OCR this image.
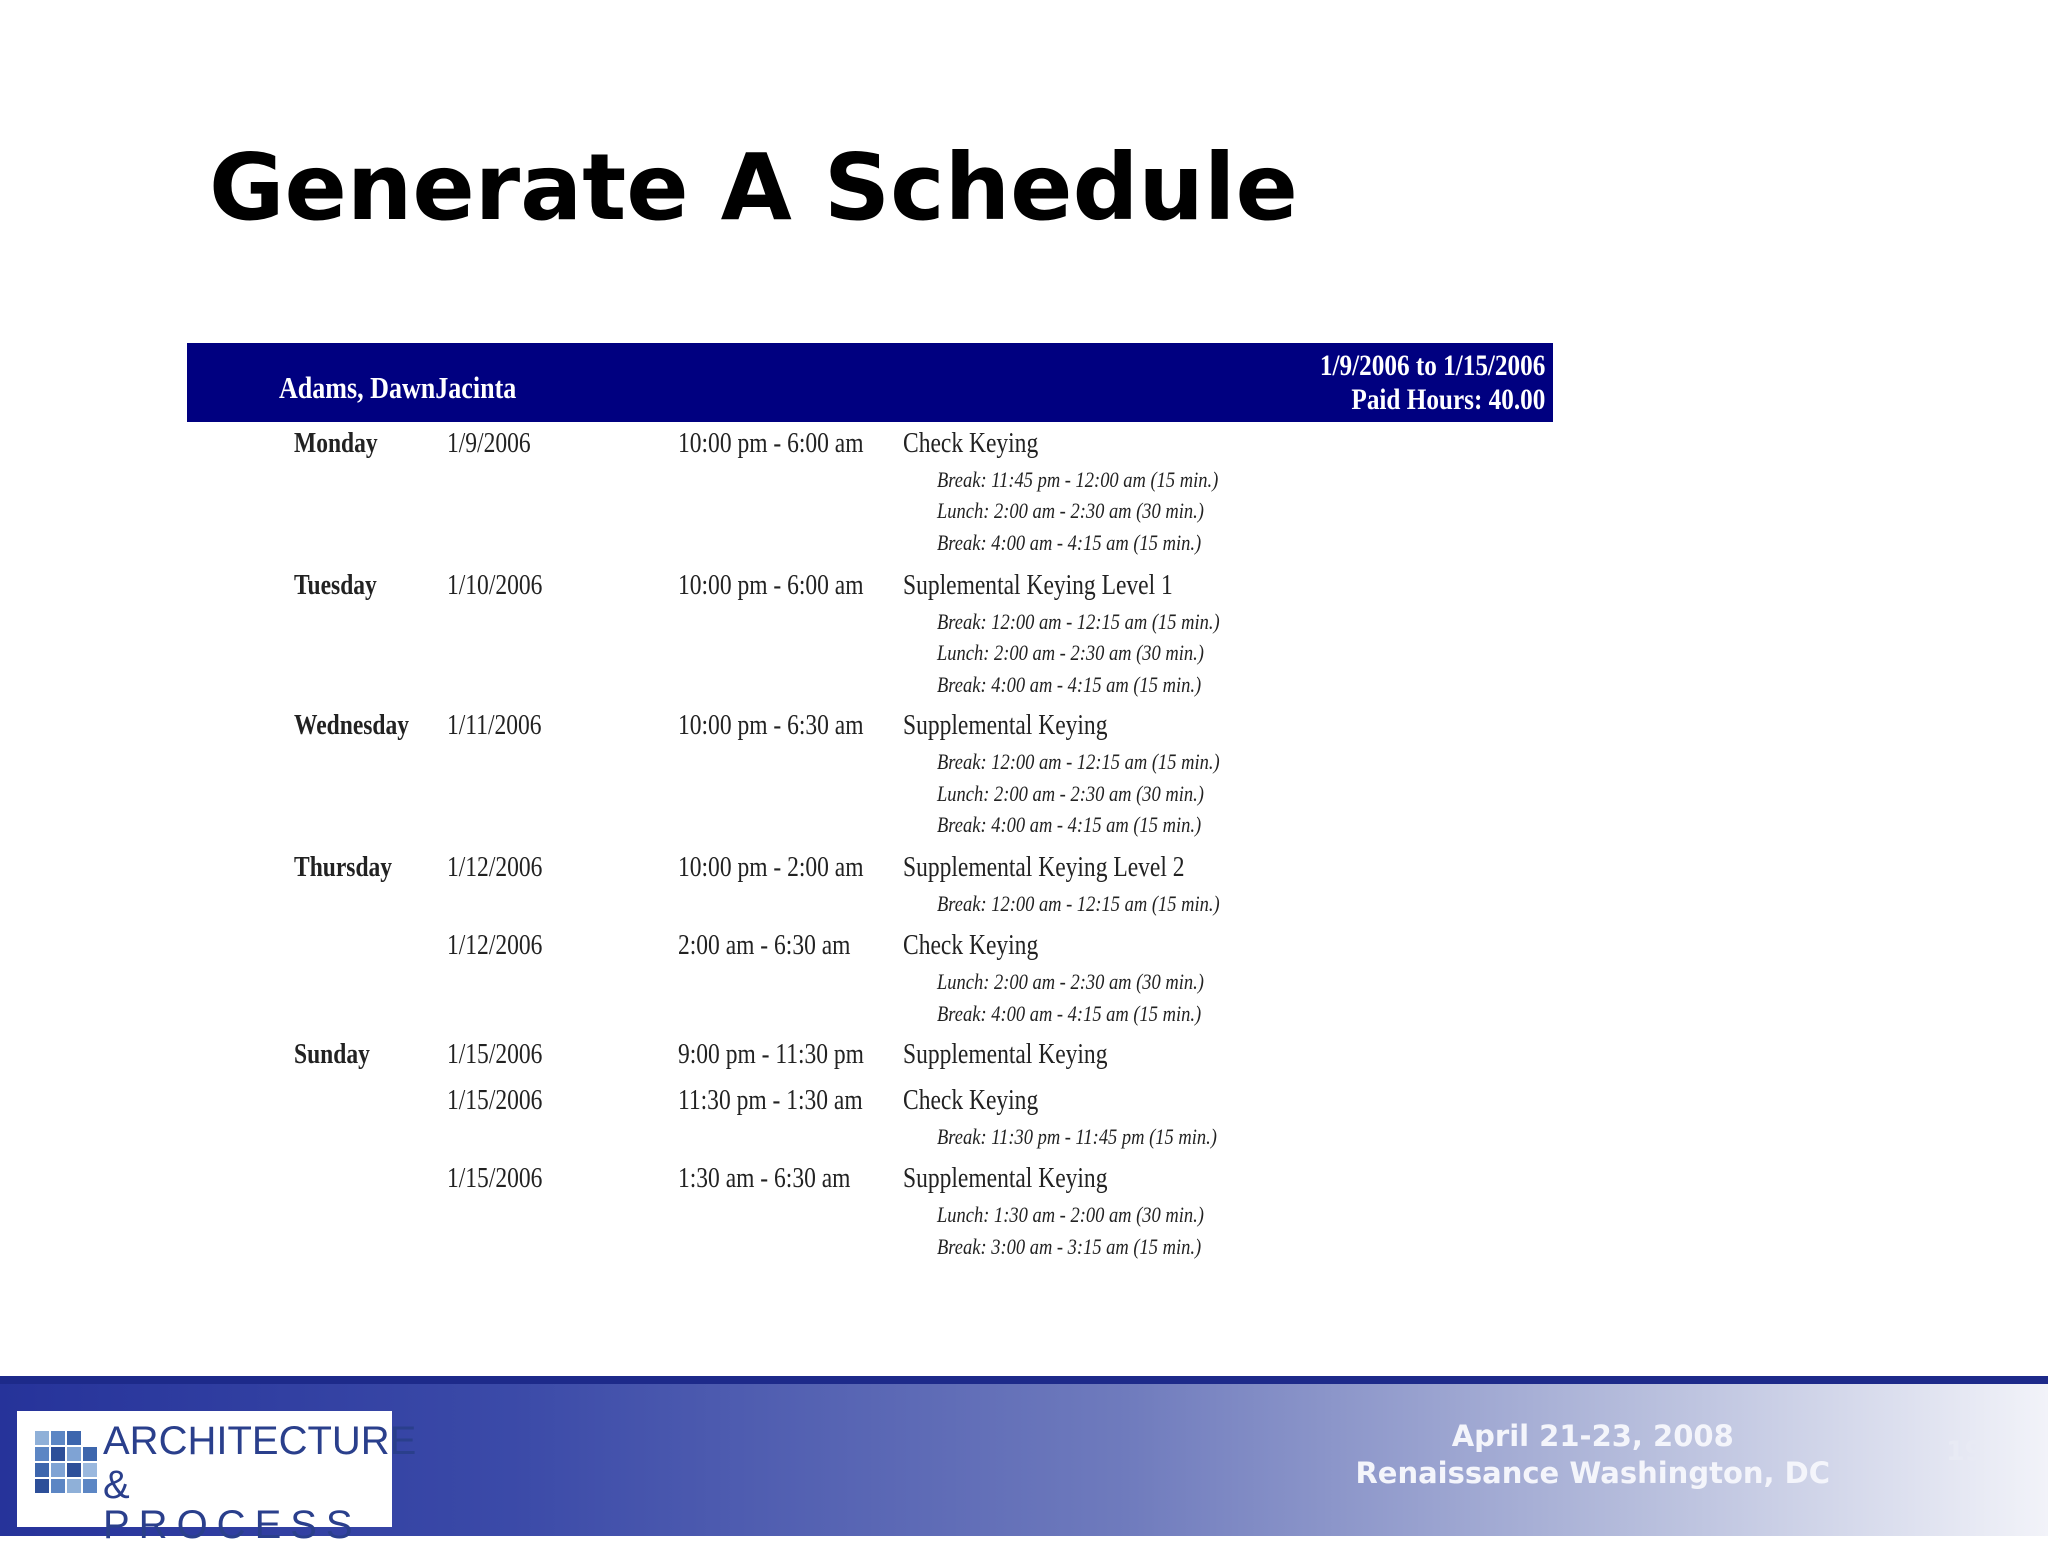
Generate A Schedule
Adams, DawnJacinta
1/9/2006 to 1/15/2006
Paid Hours: 40.00
Monday 1/9/2006	10:00 pm - 6:00 am Check Keying
Break: 11:45 pm - 12:00 am (15 min.)
Lunch: 2:00 am - 2:30 am (30 min.)
Break: 4:00 am - 4:15 am (15 min.)
Tuesday	1/10/2006	10:00 pm - 6:00 am Suplemental Keying Level 1
Break: 12:00 am - 12:15 am (15 min.)
Lunch: 2:00 am - 2:30 am (30 min.)
Break: 4:00 am - 4:15 am (15 min.)
Wednesday 1/11/2006	10:00 pm - 6:30 am Supplemental Keying
Break: 12:00 am - 12:15 am (15 min.)
Lunch: 2:00 am - 2:30 am (30 min.)
Break: 4:00 am - 4:15 am (15 min.)
Thursday 1/12/2006	10:00 pm - 2:00 am Supplemental Keying Level 2
Break: 12:00 am - 12:15 am (15 min.)
1/12/2006	2:00 am - 6:30 am Check Keying
Lunch: 2:00 am - 2:30 am (30 min.)
Break: 4:00 am - 4:15 am (15 min.)
Sunday	1/15/2006	9:00 pm - 11:30 pm Supplemental Keying
1/15/2006	11:30 pm - 1:30 am Check Keying
Break: 11:30 pm - 11:45 pm (15 min.)
1/15/2006	1:30 am - 6:30 am Supplemental Keying
Lunch: 1:30 am - 2:00 am (30 min.)
Break: 3:00 am - 3:15 am (15 min.)
ARCHITECTURE
& PROCESS
April 21-23, 2008
Renaissance Washington, DC
19
